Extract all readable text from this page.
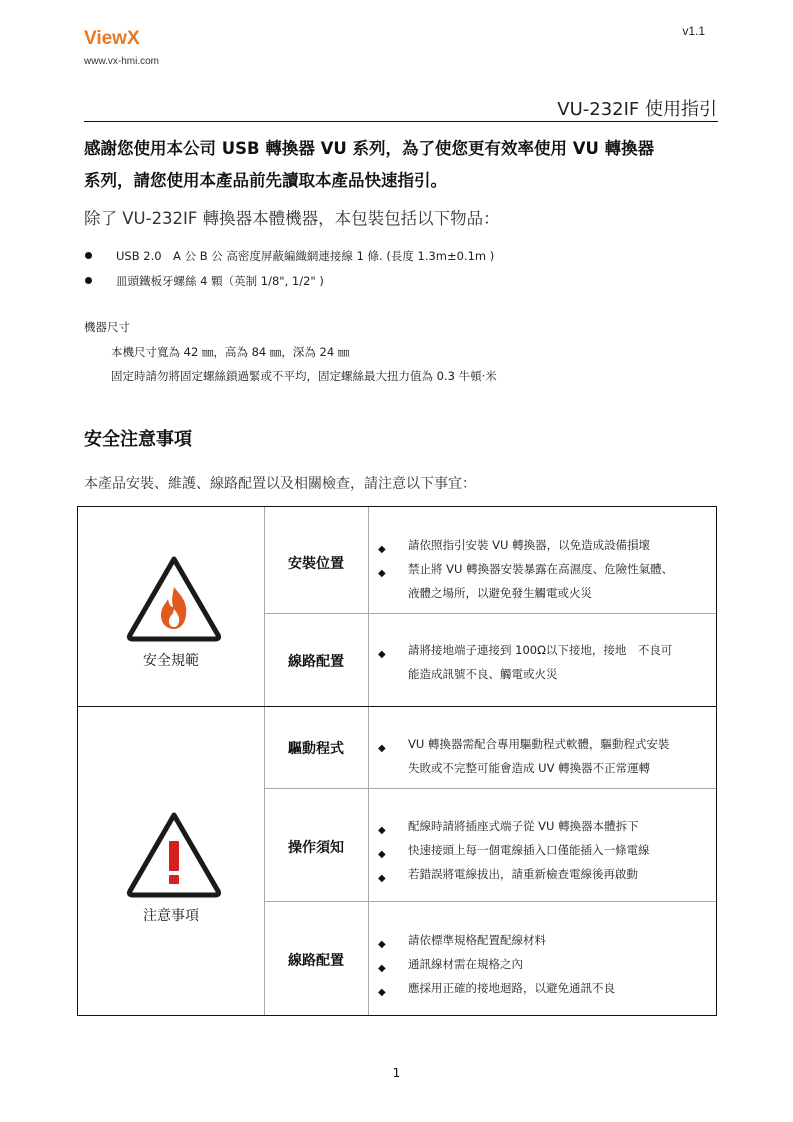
ViewX
www.vx-hmi.com
v1.1
VU-232IF 使用指引
感謝您使用本公司 USB 轉換器 VU 系列，為了使您更有效率使用 VU 轉換器
系列，請您使用本產品前先讀取本產品快速指引。
除了 VU-232IF 轉換器本體機器，本包裝包括以下物品：
USB 2.0　A 公 B 公 高密度屏蔽編織網連接線 1 條. (長度 1.3m±0.1m )
皿頭鐵板牙螺絲 4 顆（英制 1/8", 1/2" )
機器尺寸
本機尺寸寬為 42 ㎜，高為 84 ㎜，深為 24 ㎜
固定時請勿將固定螺絲鎖過緊或不平均，固定螺絲最大扭力值為 0.3 牛頓·米
安全注意事項
本產品安裝、維護、線路配置以及相關檢查，請注意以下事宜：
安全規範
安裝位置
◆ 請依照指引安裝 VU 轉換器，以免造成設備損壞
◆ 禁止將 VU 轉換器安裝暴露在高濕度、危險性氣體、
液體之場所，以避免發生觸電或火災
線路配置	◆ 請將接地端子連接到 100Ω以下接地，接地　不良可
能造成訊號不良、觸電或火災
注意事項
驅動程式	◆ VU 轉換器需配合專用驅動程式軟體，驅動程式安裝
失敗或不完整可能會造成 UV 轉換器不正常運轉
操作須知
◆ 配線時請將插座式端子從 VU 轉換器本體拆下
◆ 快速接頭上每一個電線插入口僅能插入一條電線
◆ 若錯誤將電線拔出，請重新檢查電線後再啟動
線路配置
◆ 請依標準規格配置配線材料
◆ 通訊線材需在規格之內
◆ 應採用正確的接地迴路，以避免通訊不良
1
